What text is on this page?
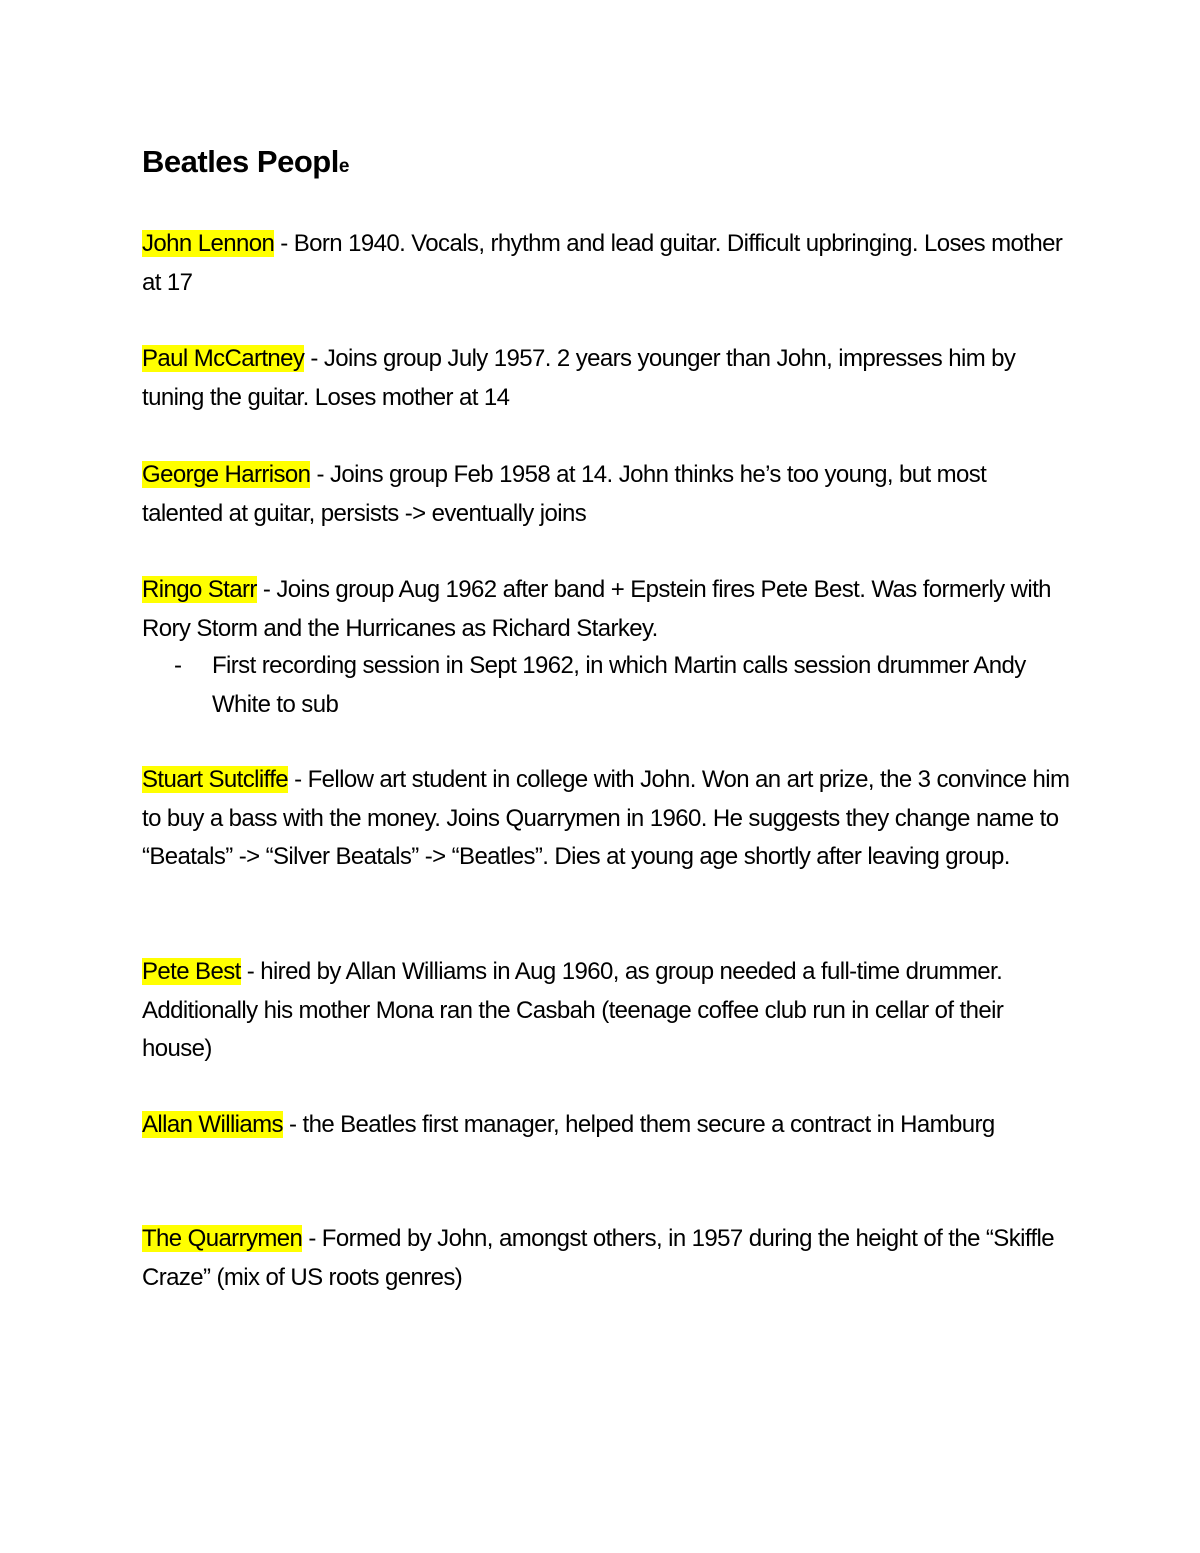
Beatles People

John Lennon - Born 1940. Vocals, rhythm and lead guitar. Difficult upbringing. Loses mother at 17

Paul McCartney - Joins group July 1957. 2 years younger than John, impresses him by tuning the guitar. Loses mother at 14

George Harrison - Joins group Feb 1958 at 14. John thinks he’s too young, but most talented at guitar, persists -> eventually joins

Ringo Starr - Joins group Aug 1962 after band + Epstein fires Pete Best. Was formerly with Rory Storm and the Hurricanes as Richard Starkey.

- First recording session in Sept 1962, in which Martin calls session drummer Andy White to sub

Stuart Sutcliffe - Fellow art student in college with John. Won an art prize, the 3 convince him to buy a bass with the money. Joins Quarrymen in 1960. He suggests they change name to “Beatals” -> “Silver Beatals” -> “Beatles”. Dies at young age shortly after leaving group.

Pete Best - hired by Allan Williams in Aug 1960, as group needed a full-time drummer. Additionally his mother Mona ran the Casbah (teenage coffee club run in cellar of their house)

Allan Williams - the Beatles first manager, helped them secure a contract in Hamburg

The Quarrymen - Formed by John, amongst others, in 1957 during the height of the “Skiffle Craze” (mix of US roots genres)
